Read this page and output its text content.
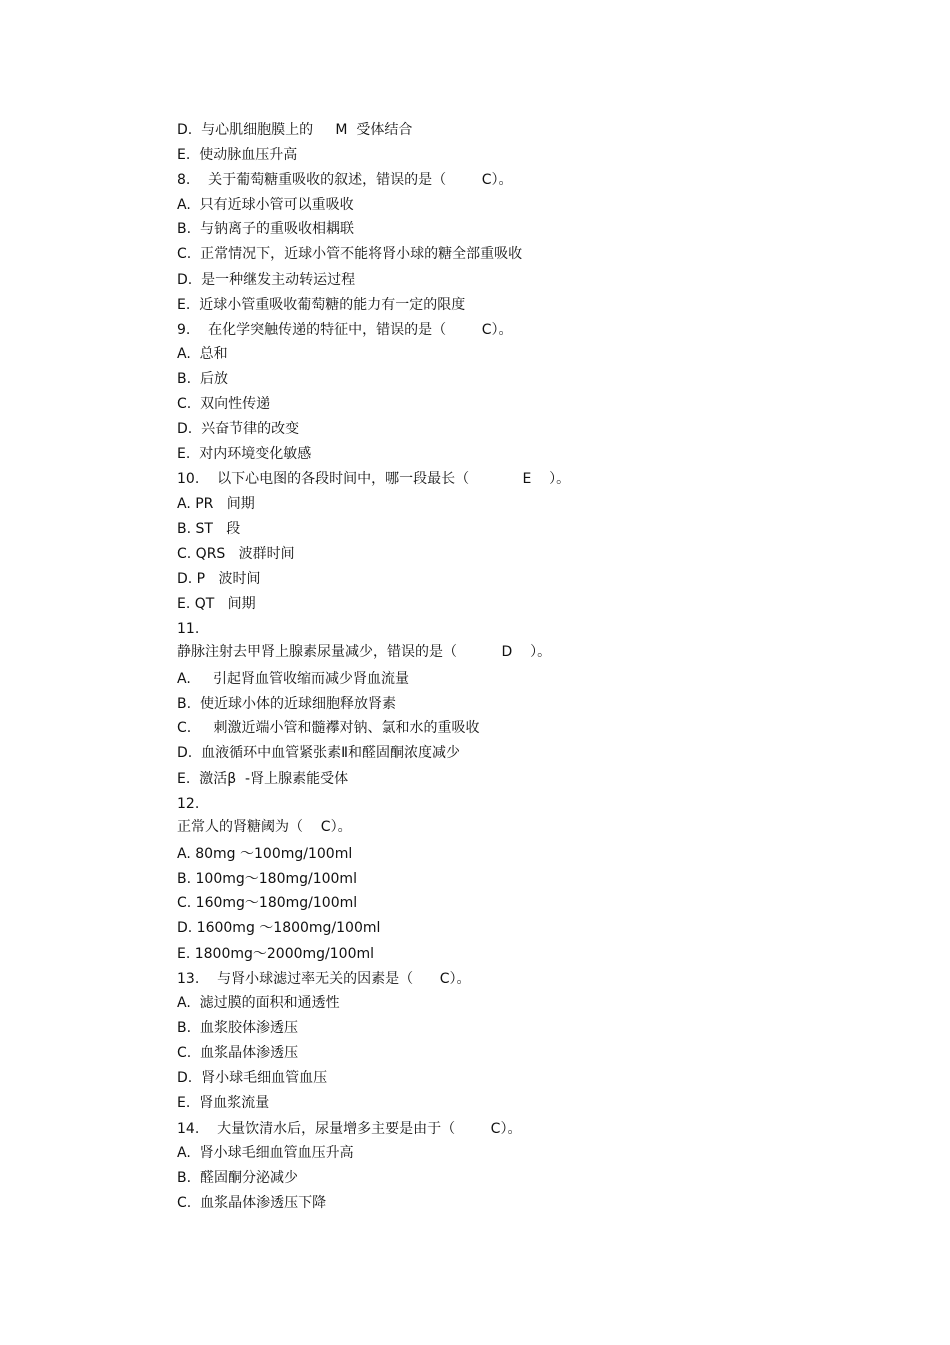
D.  与心肌细胞膜上的     M  受体结合
E.  使动脉血压升高
8.    关于葡萄糖重吸收的叙述，错误的是（        C）。
A.  只有近球小管可以重吸收
B.  与钠离子的重吸收相耦联
C.  正常情况下，近球小管不能将肾小球的糖全部重吸收
D.  是一种继发主动转运过程
E.  近球小管重吸收葡萄糖的能力有一定的限度
9.    在化学突触传递的特征中，错误的是（        C）。
A.  总和
B.  后放
C.  双向性传递
D.  兴奋节律的改变
E.  对内环境变化敏感
10.    以下心电图的各段时间中，哪一段最长（            E    ）。
A. PR   间期
B. ST   段
C. QRS   波群时间
D. P   波时间
E. QT   间期
11.
静脉注射去甲肾上腺素尿量减少，错误的是（          D    ）。
A.     引起肾血管收缩而减少肾血流量
B.  使近球小体的近球细胞释放肾素
C.     刺激近端小管和髓襻对钠、氯和水的重吸收
D.  血液循环中血管紧张素Ⅱ和醛固酮浓度减少
E.  激活β  -肾上腺素能受体
12.
正常人的肾糖阈为（    C）。
A. 80mg ～100mg/100ml
B. 100mg～180mg/100ml
C. 160mg～180mg/100ml
D. 1600mg ～1800mg/100ml
E. 1800mg～2000mg/100ml
13.    与肾小球滤过率无关的因素是（      C）。
A.  滤过膜的面积和通透性
B.  血浆胶体渗透压
C.  血浆晶体渗透压
D.  肾小球毛细血管血压
E.  肾血浆流量
14.    大量饮清水后，尿量增多主要是由于（        C）。
A.  肾小球毛细血管血压升高
B.  醛固酮分泌减少
C.  血浆晶体渗透压下降
